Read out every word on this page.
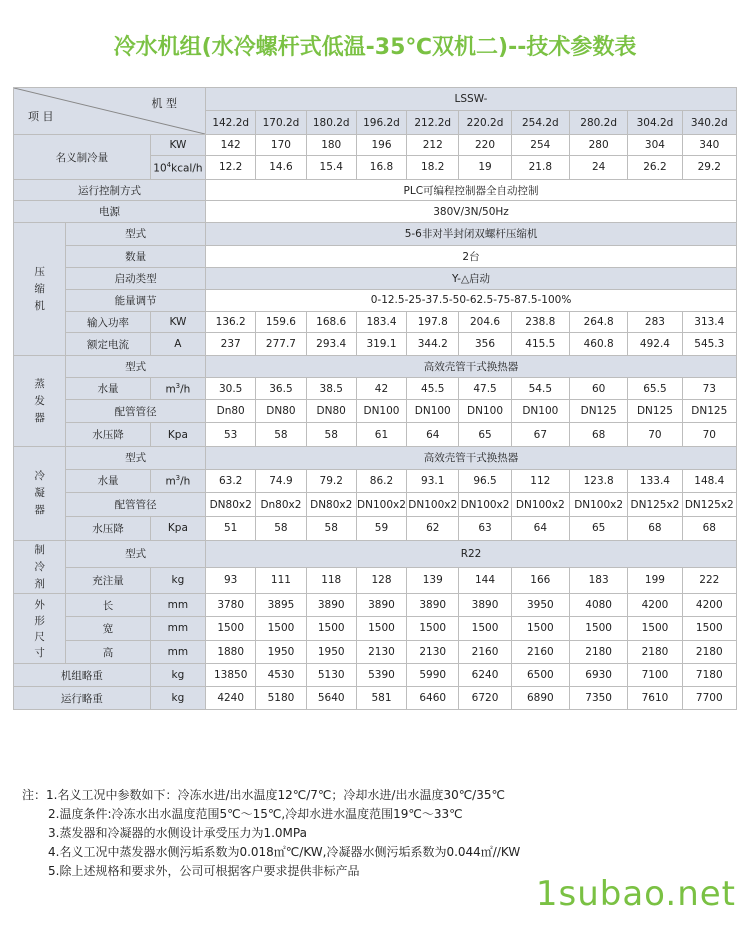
冷水机组(水冷螺杆式低温-35℃双机二)--技术参数表
机 型
项 目			LSSW-									
			142.2d	170.2d	180.2d	196.2d	212.2d	220.2d	254.2d	280.2d	304.2d	340.2d
名义制冷量		KW	142	170	180	196	212	220	254	280	304	340
		$10^4kcal/h$	12.2	14.6	15.4	16.8	18.2	19	21.8	24	26.2	29.2
运行控制方式			PLC可编程控制器全自动控制									
电源			380V/3N/50Hz									
压
缩
机	型式		5-6非对半封闭双螺杆压缩机									
	数量		2台									
	启动类型		Y-△启动									
	能量调节		0-12.5-25-37.5-50-62.5-75-87.5-100%									
	输入功率	KW	136.2	159.6	168.6	183.4	197.8	204.6	238.8	264.8	283	313.4
	额定电流	A	237	277.7	293.4	319.1	344.2	356	415.5	460.8	492.4	545.3
蒸
发
器	型式		高效壳管干式换热器									
	水量	$m^3/h$	30.5	36.5	38.5	42	45.5	47.5	54.5	60	65.5	73
	配管管径		Dn80	DN80	DN80	DN100	DN100	DN100	DN100	DN125	DN125	DN125
	水压降	Kpa	53	58	58	61	64	65	67	68	70	70
冷
凝
器	型式		高效壳管干式换热器									
	水量	$m^3/h$	63.2	74.9	79.2	86.2	93.1	96.5	112	123.8	133.4	148.4
	配管管径		DN80x2	Dn80x2	DN80x2	DN100x2	DN100x2	DN100x2	DN100x2	DN100x2	DN125x2	DN125x2
	水压降	Kpa	51	58	58	59	62	63	64	65	68	68
制
冷
剂	型式		R22									
	充注量	kg	93	111	118	128	139	144	166	183	199	222
外
形
尺
寸	长	mm	3780	3895	3890	3890	3890	3890	3950	4080	4200	4200
	宽	mm	1500	1500	1500	1500	1500	1500	1500	1500	1500	1500
	高	mm	1880	1950	1950	2130	2130	2160	2160	2180	2180	2180
机组略重		kg	13850	4530	5130	5390	5990	6240	6500	6930	7100	7180
运行略重		kg	4240	5180	5640	581	6460	6720	6890	7350	7610	7700
注：1.名义工况中参数如下：冷冻水进/出水温度12℃/7℃；冷却水进/出水温度30℃/35℃
2.温度条件:冷冻水出水温度范围5℃～15℃,冷却水进水温度范围19℃～33℃
3.蒸发器和冷凝器的水侧设计承受压力为1.0MPa
4.名义工况中蒸发器水侧污垢系数为0.018㎡℃/KW,冷凝器水侧污垢系数为0.044㎡//KW
5.除上述规格和要求外，公司可根据客户要求提供非标产品
1subao.net
